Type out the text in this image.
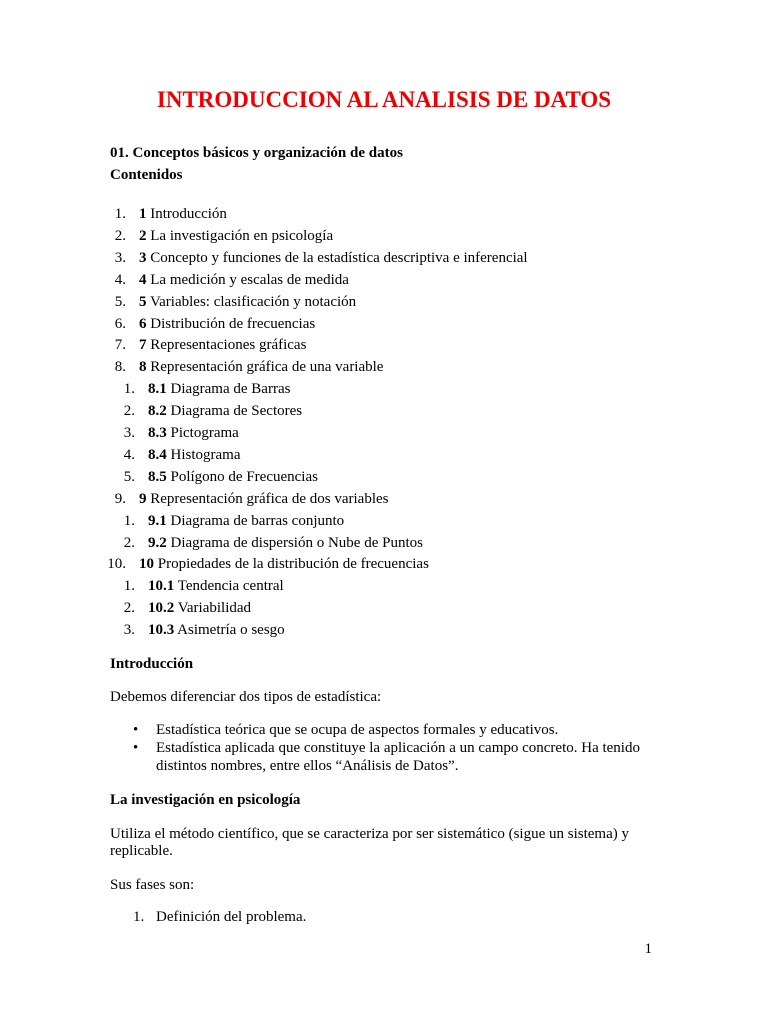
INTRODUCCION AL ANALISIS DE DATOS
01. Conceptos básicos y organización de datos
Contenidos
1. 1 Introducción
2. 2 La investigación en psicología
3. 3 Concepto y funciones de la estadística descriptiva e inferencial
4. 4 La medición y escalas de medida
5. 5 Variables: clasificación y notación
6. 6 Distribución de frecuencias
7. 7 Representaciones gráficas
8. 8 Representación gráfica de una variable
1. 8.1 Diagrama de Barras
2. 8.2 Diagrama de Sectores
3. 8.3 Pictograma
4. 8.4 Histograma
5. 8.5 Polígono de Frecuencias
9. 9 Representación gráfica de dos variables
1. 9.1 Diagrama de barras conjunto
2. 9.2 Diagrama de dispersión o Nube de Puntos
10. 10 Propiedades de la distribución de frecuencias
1. 10.1 Tendencia central
2. 10.2 Variabilidad
3. 10.3 Asimetría o sesgo
Introducción
Debemos diferenciar dos tipos de estadística:
• Estadística teórica que se ocupa de aspectos formales y educativos.
• Estadística aplicada que constituye la aplicación a un campo concreto. Ha tenido
distintos nombres, entre ellos “Análisis de Datos”.
La investigación en psicología
Utiliza el método científico, que se caracteriza por ser sistemático (sigue un sistema) y
replicable.
Sus fases son:
1. Definición del problema.
1
